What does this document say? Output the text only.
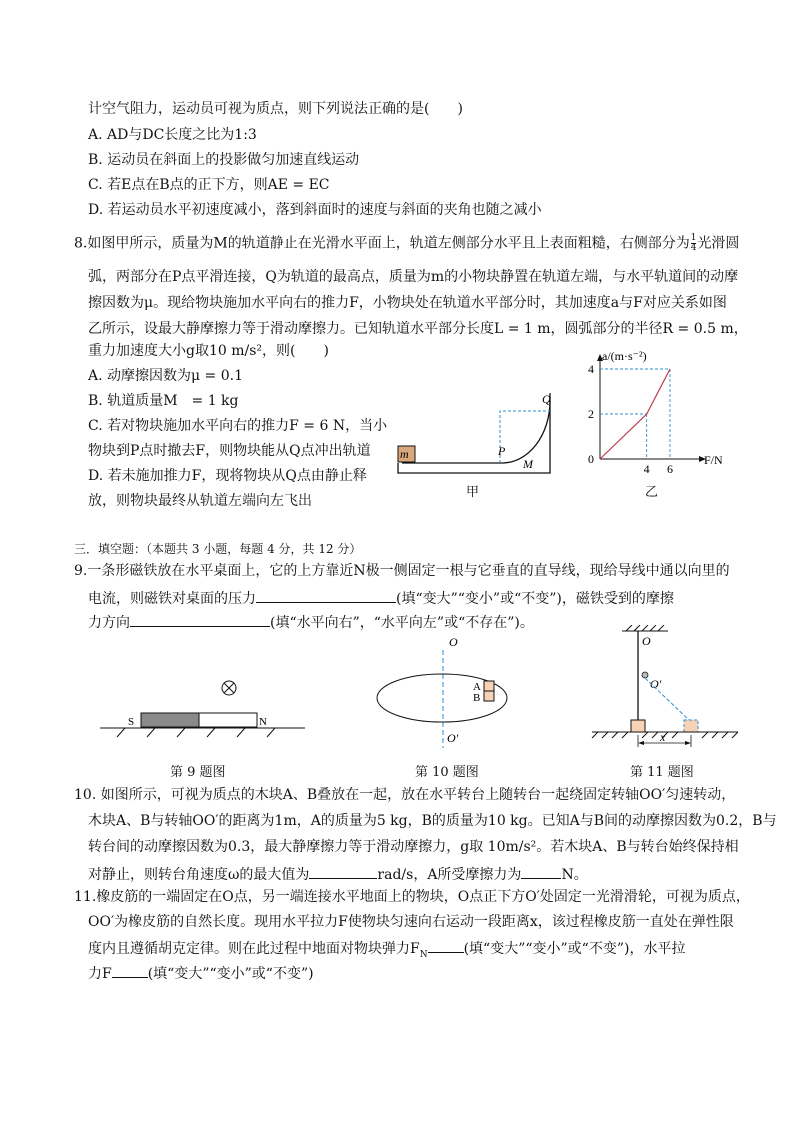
计空气阻力，运动员可视为质点，则下列说法正确的是(　　)
A. AD与DC长度之比为1:3
B. 运动员在斜面上的投影做匀加速直线运动
C. 若E点在B点的正下方，则AE = EC
D. 若运动员水平初速度减小，落到斜面时的速度与斜面的夹角也随之减小
8.如图甲所示，质量为M的轨道静止在光滑水平面上，轨道左侧部分水平且上表面粗糙，右侧部分为 $\frac{1}{4}$ 光滑圆
弧，两部分在P点平滑连接，Q为轨道的最高点，质量为m的小物块静置在轨道左端，与水平轨道间的动摩
擦因数为μ。现给物块施加水平向右的推力F，小物块处在轨道水平部分时，其加速度a与F对应关系如图
乙所示，设最大静摩擦力等于滑动摩擦力。已知轨道水平部分长度L = 1 m，圆弧部分的半径R = 0.5 m，
重力加速度大小g取10 m/s²，则(　　)
A. 动摩擦因数为μ = 0.1
B. 轨道质量M　= 1 kg
C. 若对物块施加水平向右的推力F = 6 N，当小
物块到P点时撤去F，则物块能从Q点冲出轨道
D. 若未施加推力F，现将物块从Q点由静止释
放，则物块最终从轨道左端向左飞出
m	P
Q
M
甲
a/(m·s⁻²)
F/N
4 6
0
2
4
乙
三．填空题：（本题共 3 小题，每题 4 分，共 12 分）
9.一条形磁铁放在水平桌面上，它的上方靠近N极一侧固定一根与它垂直的直导线，现给导线中通以向里的
电流，则磁铁对桌面的压力	(填“变大”“变小”或“不变”)，磁铁受到的摩擦
力方向	(填“水平向右”，“水平向左”或“不存在”)。
S	N
第 9 题图
O
A
B
O′
第 10 题图
O
O′
x
第 11 题图
10. 如图所示，可视为质点的木块A、B叠放在一起，放在水平转台上随转台一起绕固定转轴OO′匀速转动，
木块A、B与转轴OO′的距离为1m，A的质量为5 kg，B的质量为10 kg。已知A与B间的动摩擦因数为0.2，B与
转台间的动摩擦因数为0.3，最大静摩擦力等于滑动摩擦力，g取 10m/s²。若木块A、B与转台始终保持相
对静止，则转台角速度ω的最大值为	rad/s，A所受摩擦力为	N。
11.橡皮筋的一端固定在O点，另一端连接水平地面上的物块，O点正下方O′处固定一光滑滑轮，可视为质点，
OO′为橡皮筋的自然长度。现用水平拉力F使物块匀速向右运动一段距离x，该过程橡皮筋一直处在弹性限
度内且遵循胡克定律。则在此过程中地面对物块弹力$F_N$	(填“变大”“变小”或“不变”)，水平拉
力F	(填“变大”“变小”或“不变”)
